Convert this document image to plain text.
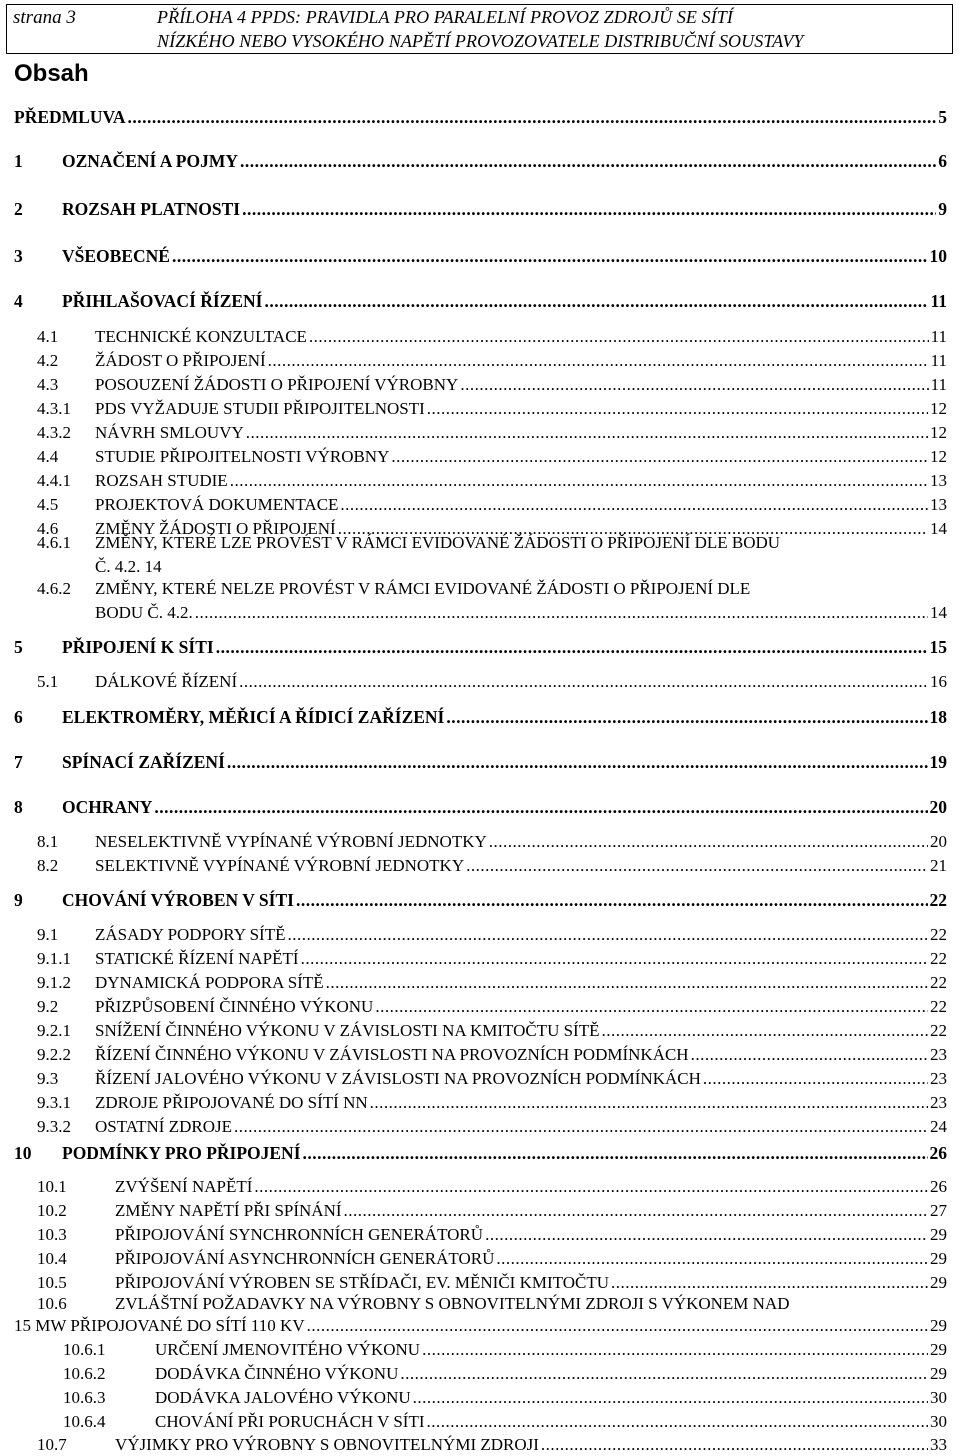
strana 3	PŘÍLOHA 4 PPDS: PRAVIDLA PRO PARALELNÍ PROVOZ ZDROJŮ SE SÍTÍ
NÍZKÉHO NEBO VYSOKÉHO NAPĚTÍ PROVOZOVATELE DISTRIBUČNÍ SOUSTAVY
Obsah
PŘEDMLUVA .....	5
1 OZNAČENÍ A POJMY .....	6
2 ROZSAH PLATNOSTI .....	9
3 VŠEOBECNÉ .....	10
4 PŘIHLAŠOVACÍ ŘÍZENÍ .....	11
4.1 TECHNICKÉ KONZULTACE .....	11
4.2 ŽÁDOST O PŘIPOJENÍ .....	11
4.3 POSOUZENÍ ŽÁDOSTI O PŘIPOJENÍ VÝROBNY .....	11
4.3.1 PDS VYŽADUJE STUDII PŘIPOJITELNOSTI .....	12
4.3.2 NÁVRH SMLOUVY .....	12
4.4 STUDIE PŘIPOJITELNOSTI VÝROBNY .....	12
4.4.1 ROZSAH STUDIE .....	13
4.5 PROJEKTOVÁ DOKUMENTACE .....	13
4.6 ZMĚNY ŽÁDOSTI O PŘIPOJENÍ .....	14
4.6.1 ZMĚNY, KTERÉ LZE PROVÉST V RÁMCI EVIDOVANÉ ŽÁDOSTI O PŘIPOJENÍ DLE BODU
Č. 4.2. 14
4.6.2 ZMĚNY, KTERÉ NELZE PROVÉST V RÁMCI EVIDOVANÉ ŽÁDOSTI O PŘIPOJENÍ DLE
BODU Č. 4.2. .....	14
5 PŘIPOJENÍ K SÍTI .....	15
5.1 DÁLKOVÉ ŘÍZENÍ .....	16
6 ELEKTROMĚRY, MĚŘICÍ A ŘÍDICÍ ZAŘÍZENÍ .....	18
7 SPÍNACÍ ZAŘÍZENÍ .....	19
8 OCHRANY .....	20
8.1 NESELEKTIVNĚ VYPÍNANÉ VÝROBNÍ JEDNOTKY .....	20
8.2 SELEKTIVNĚ VYPÍNANÉ VÝROBNÍ JEDNOTKY .....	21
9 CHOVÁNÍ VÝROBEN V SÍTI .....	22
9.1 ZÁSADY PODPORY SÍTĚ .....	22
9.1.1 STATICKÉ ŘÍZENÍ NAPĚTÍ .....	22
9.1.2 DYNAMICKÁ PODPORA SÍTĚ .....	22
9.2 PŘIZPŮSOBENÍ ČINNÉHO VÝKONU .....	22
9.2.1 SNÍŽENÍ ČINNÉHO VÝKONU V ZÁVISLOSTI NA KMITOČTU SÍTĚ .....	22
9.2.2 ŘÍZENÍ ČINNÉHO VÝKONU V ZÁVISLOSTI NA PROVOZNÍCH PODMÍNKÁCH .....	23
9.3 ŘÍZENÍ JALOVÉHO VÝKONU V ZÁVISLOSTI NA PROVOZNÍCH PODMÍNKÁCH .....	23
9.3.1 ZDROJE PŘIPOJOVANÉ DO SÍTÍ NN .....	23
9.3.2 OSTATNÍ ZDROJE .....	24
10 PODMÍNKY PRO PŘIPOJENÍ .....	26
10.1	ZVÝŠENÍ NAPĚTÍ .....	26
10.2	ZMĚNY NAPĚTÍ PŘI SPÍNÁNÍ .....	27
10.3	PŘIPOJOVÁNÍ SYNCHRONNÍCH GENERÁTORŮ .....	29
10.4	PŘIPOJOVÁNÍ ASYNCHRONNÍCH GENERÁTORŮ .....	29
10.5	PŘIPOJOVÁNÍ VÝROBEN SE STŘÍDAČI, EV. MĚNIČI KMITOČTU .....	29
10.6	ZVLÁŠTNÍ POŽADAVKY NA VÝROBNY S OBNOVITELNÝMI ZDROJI S VÝKONEM NAD
15 MW PŘIPOJOVANÉ DO SÍTÍ 110 KV .....	29
10.6.1	URČENÍ JMENOVITÉHO VÝKONU .....	29
10.6.2	DODÁVKA ČINNÉHO VÝKONU .....	29
10.6.3	DODÁVKA JALOVÉHO VÝKONU .....	30
10.6.4	CHOVÁNÍ PŘI PORUCHÁCH V SÍTI .....	30
10.7	VÝJIMKY PRO VÝROBNY S OBNOVITELNÝMI ZDROJI .....	33
